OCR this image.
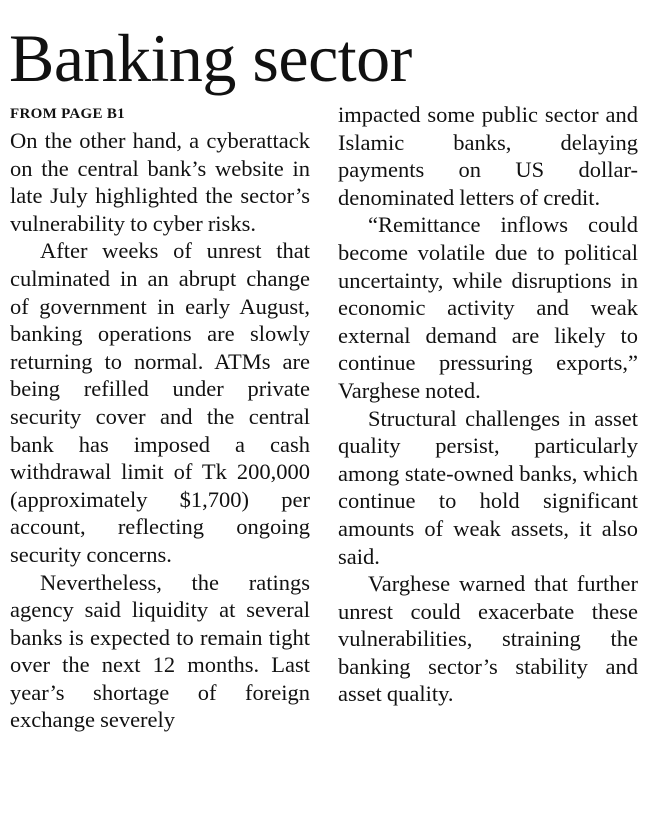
Banking sector
FROM PAGE B1

On the other hand, a cyberattack on the central bank’s website in late July highlighted the sector’s vulnerability to cyber risks.

After weeks of unrest that culminated in an abrupt change of government in early August, banking operations are slowly returning to normal. ATMs are being refilled under private security cover and the central bank has imposed a cash withdrawal limit of Tk 200,000 (approximately $1,700) per account, reflecting ongoing security concerns.

Nevertheless, the ratings agency said liquidity at several banks is expected to remain tight over the next 12 months. Last year’s shortage of foreign exchange severely

impacted some public sector and Islamic banks, delaying payments on US dollar-denominated letters of credit.

“Remittance inflows could become volatile due to political uncertainty, while disruptions in economic activity and weak external demand are likely to continue pressuring exports,” Varghese noted.

Structural challenges in asset quality persist, particularly among state-owned banks, which continue to hold significant amounts of weak assets, it also said.

Varghese warned that further unrest could exacerbate these vulnerabilities, straining the banking sector’s stability and asset quality.
